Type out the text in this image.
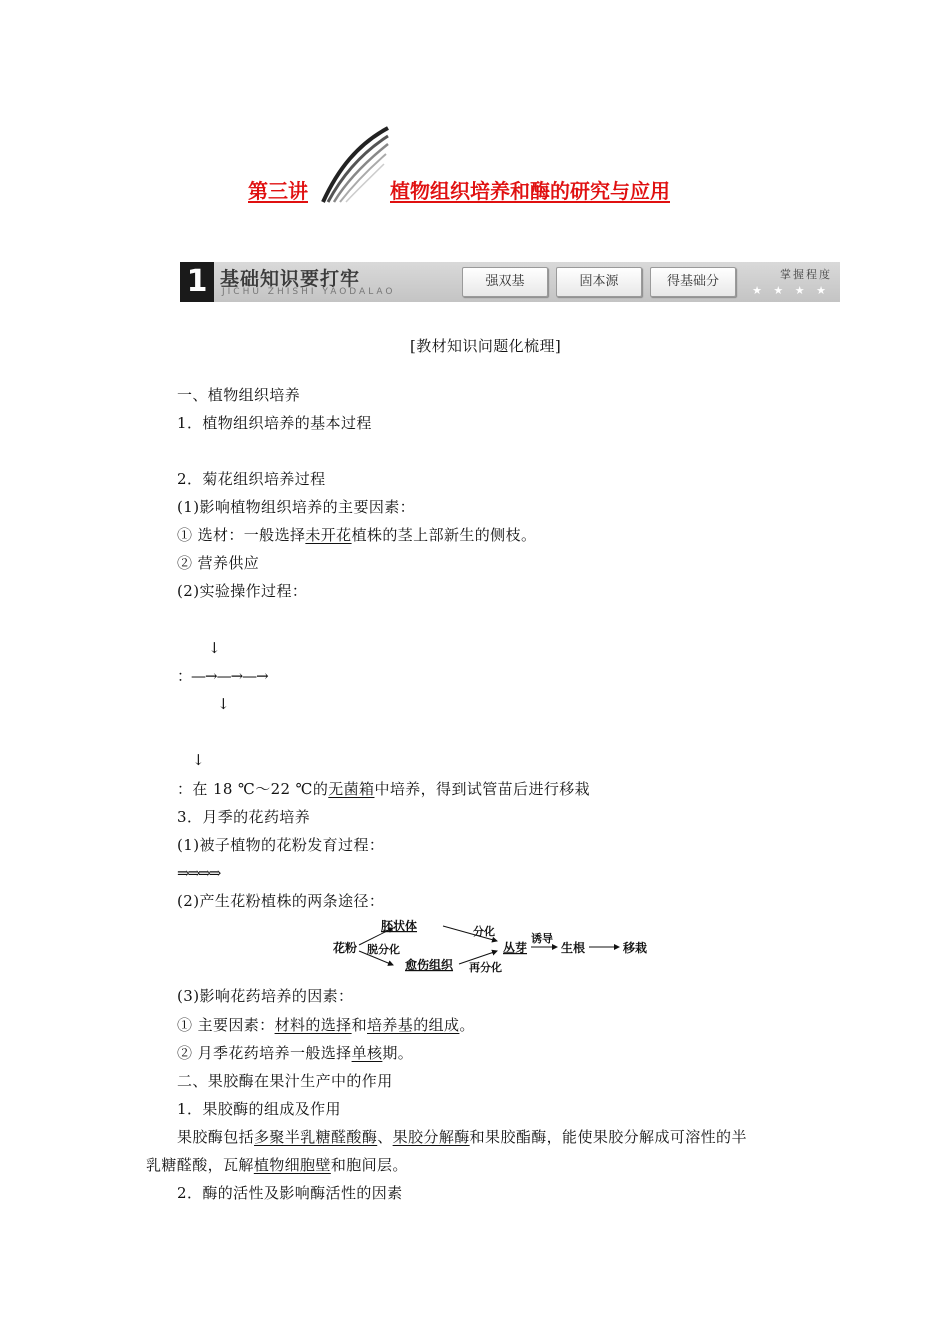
第三讲	植物组织培养和酶的研究与应用
1 基础知识要打牢
JICHU ZHISHI YAODALAO
强双基	固本源	得基础分	掌握程度
★ ★ ★ ★
[教材知识问题化梳理]
一、植物组织培养
1．植物组织培养的基本过程
2．菊花组织培养过程
(1)影响植物组织培养的主要因素：
① 选材：一般选择未开花植株的茎上部新生的侧枝。
② 营养供应
(2)实验操作过程：
↓
：—→—→—→
↓
↓
：在 18 ℃～22 ℃的无菌箱中培养，得到试管苗后进行移栽
3．月季的花药培养
(1)被子植物的花粉发育过程：
⇒⇒⇒⇒
(2)产生花粉植株的两条途径：
花粉 脱分化
胚状体
愈伤组织
分化
再分化
丛芽
诱导
生根	移栽
(3)影响花药培养的因素：
① 主要因素：材料的选择和培养基的组成。
② 月季花药培养一般选择单核期。
二、果胶酶在果汁生产中的作用
1．果胶酶的组成及作用
果胶酶包括多聚半乳糖醛酸酶、果胶分解酶和果胶酯酶，能使果胶分解成可溶性的半
乳糖醛酸，瓦解植物细胞壁和胞间层。
2．酶的活性及影响酶活性的因素
